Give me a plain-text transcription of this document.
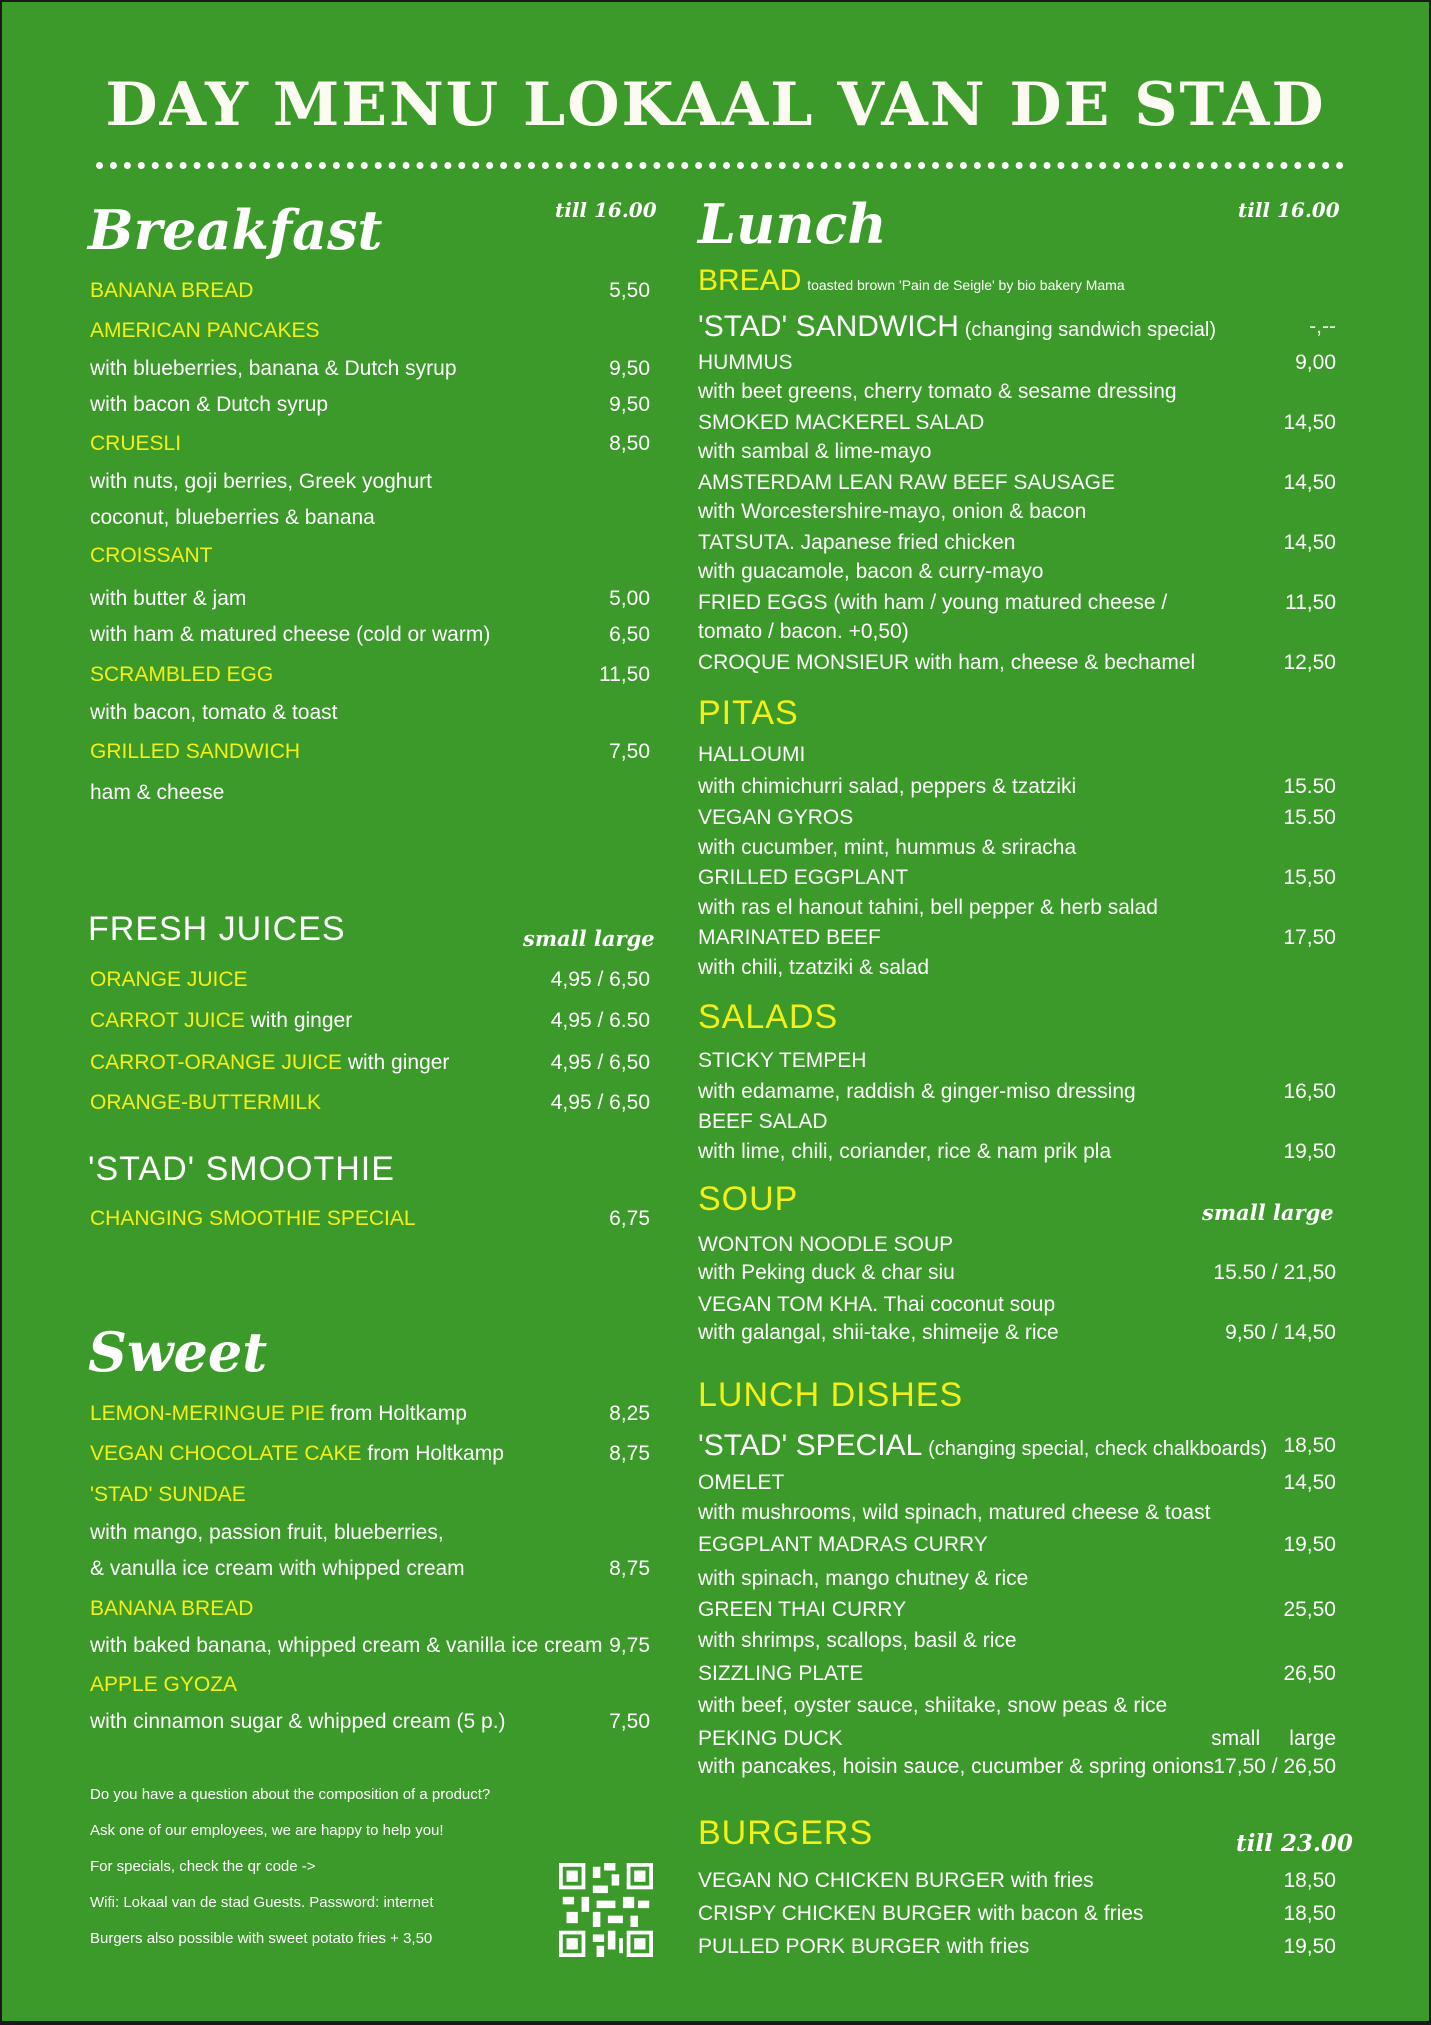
DAY MENU LOKAAL VAN DE STAD
Breakfast	till 16.00
BANANA BREAD	5,50
AMERICAN PANCAKES
with blueberries, banana & Dutch syrup	9,50
with bacon & Dutch syrup	9,50
CRUESLI	8,50
with nuts, goji berries, Greek yoghurt
coconut, blueberries & banana
CROISSANT
with butter & jam	5,00
with ham & matured cheese (cold or warm)	6,50
SCRAMBLED EGG	11,50
with bacon, tomato & toast
GRILLED SANDWICH	7,50
ham & cheese
FRESH JUICES	small large
ORANGE JUICE	4,95 / 6,50
CARROT JUICE with ginger	4,95 / 6.50
CARROT-ORANGE JUICE with ginger	4,95 / 6,50
ORANGE-BUTTERMILK	4,95 / 6,50
'STAD' SMOOTHIE
CHANGING SMOOTHIE SPECIAL	6,75
Sweet
LEMON-MERINGUE PIE from Holtkamp	8,25
VEGAN CHOCOLATE CAKE from Holtkamp	8,75
'STAD' SUNDAE
with mango, passion fruit, blueberries,
& vanulla ice cream with whipped cream	8,75
BANANA BREAD
with baked banana, whipped cream & vanilla ice cream 9,75
APPLE GYOZA
with cinnamon sugar & whipped cream (5 p.)	7,50
Do you have a question about the composition of a product?
Ask one of our employees, we are happy to help you!
For specials, check the qr code ->
Wifi: Lokaal van de stad Guests. Password: internet
Burgers also possible with sweet potato fries + 3,50
Lunch	till 16.00
BREAD toasted brown 'Pain de Seigle' by bio bakery Mama
'STAD' SANDWICH (changing sandwich special)	-,--
HUMMUS	9,00
with beet greens, cherry tomato & sesame dressing
SMOKED MACKEREL SALAD	14,50
with sambal & lime-mayo
AMSTERDAM LEAN RAW BEEF SAUSAGE	14,50
with Worcestershire-mayo, onion & bacon
TATSUTA. Japanese fried chicken	14,50
with guacamole, bacon & curry-mayo
FRIED EGGS (with ham / young matured cheese /	11,50
tomato / bacon. +0,50)
CROQUE MONSIEUR with ham, cheese & bechamel	12,50
PITAS
HALLOUMI
with chimichurri salad, peppers & tzatziki	15.50
VEGAN GYROS	15.50
with cucumber, mint, hummus & sriracha
GRILLED EGGPLANT	15,50
with ras el hanout tahini, bell pepper & herb salad
MARINATED BEEF	17,50
with chili, tzatziki & salad
SALADS
STICKY TEMPEH
with edamame, raddish & ginger-miso dressing	16,50
BEEF SALAD
with lime, chili, coriander, rice & nam prik pla	19,50
SOUP	small large
WONTON NOODLE SOUP
with Peking duck & char siu	15.50 / 21,50
VEGAN TOM KHA. Thai coconut soup
with galangal, shii-take, shimeije & rice	9,50 / 14,50
LUNCH DISHES
'STAD' SPECIAL (changing special, check chalkboards) 18,50
OMELET	14,50
with mushrooms, wild spinach, matured cheese & toast
EGGPLANT MADRAS CURRY	19,50
with spinach, mango chutney & rice
GREEN THAI CURRY	25,50
with shrimps, scallops, basil & rice
SIZZLING PLATE	26,50
with beef, oyster sauce, shiitake, snow peas & rice
PEKING DUCK	small     large
with pancakes, hoisin sauce, cucumber & spring onions 17,50 / 26,50
BURGERS	till 23.00
VEGAN NO CHICKEN BURGER with fries	18,50
CRISPY CHICKEN BURGER with bacon & fries	18,50
PULLED PORK BURGER with fries	19,50
